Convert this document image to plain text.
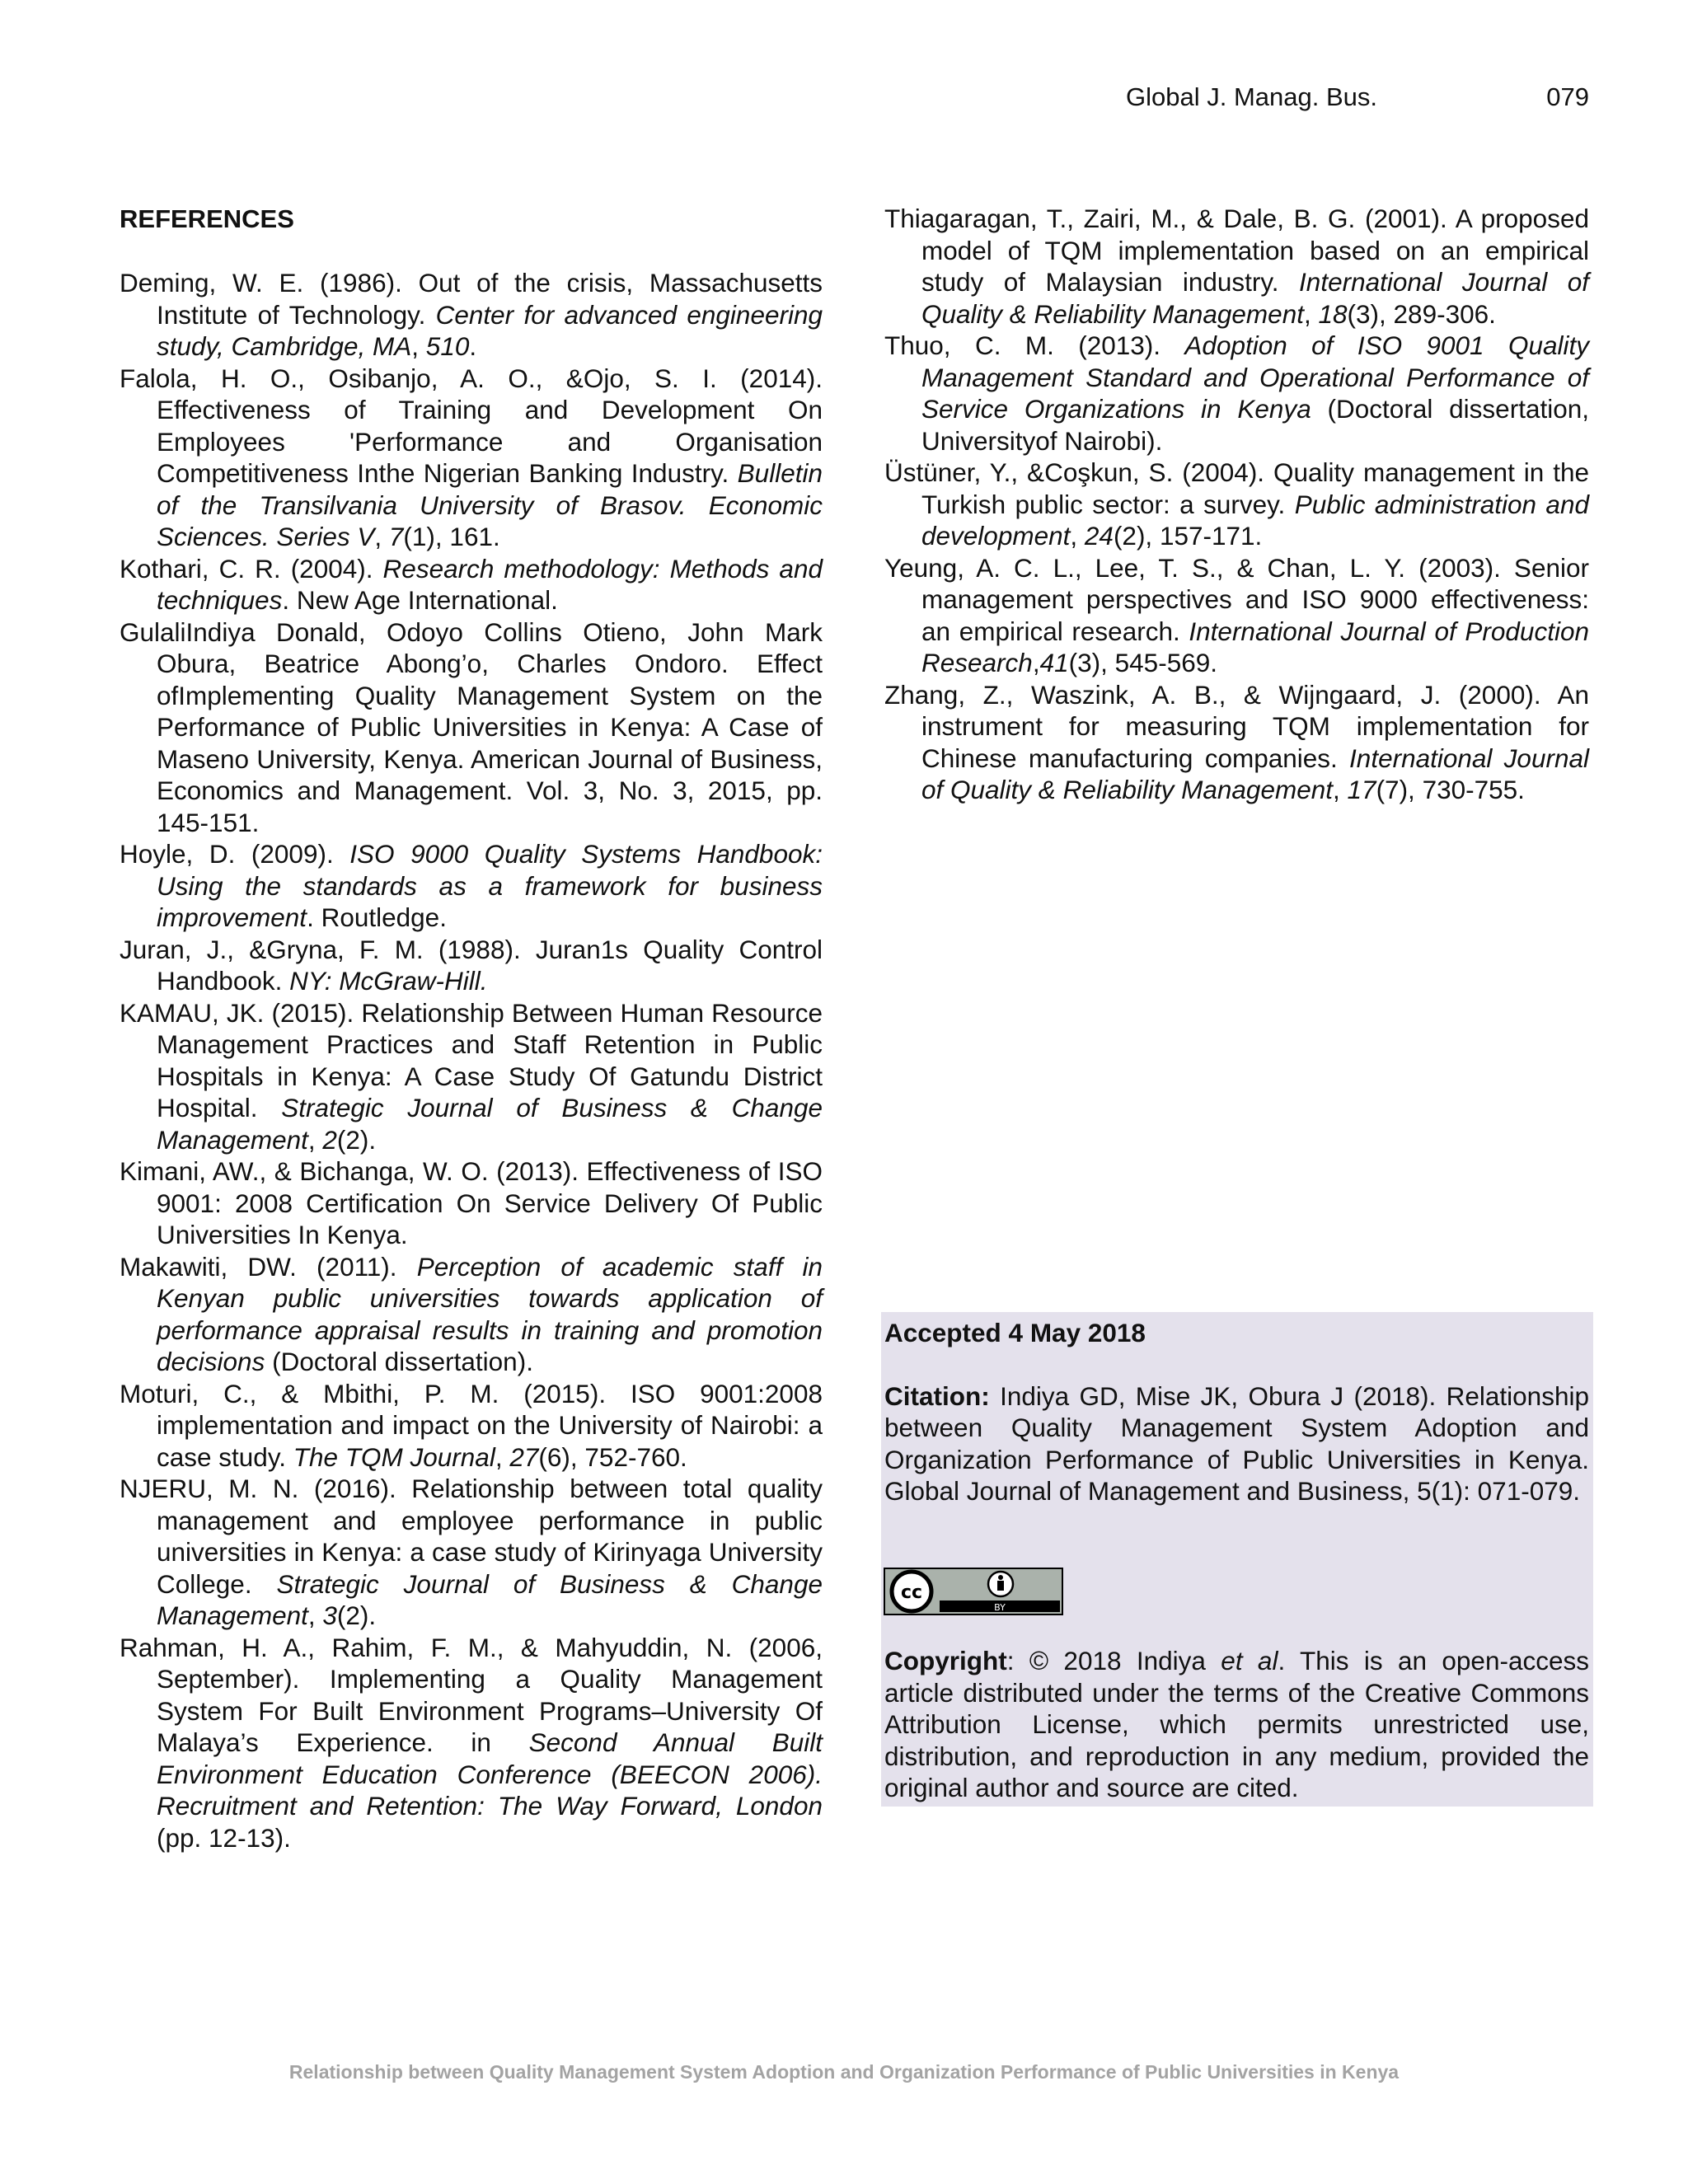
Global J. Manag. Bus.	079
REFERENCES

Deming, W. E. (1986). Out of the crisis, Massachusetts Institute of Technology. Center for advanced engineering study, Cambridge, MA, 510.

Falola, H. O., Osibanjo, A. O., &Ojo, S. I. (2014). Effectiveness of Training and Development On Employees 'Performance and Organisation Competitiveness Inthe Nigerian Banking Industry. Bulletin of the Transilvania University of Brasov. Economic Sciences. Series V, 7(1), 161.

Kothari, C. R. (2004). Research methodology: Methods and techniques. New Age International.

GulaliIndiya Donald, Odoyo Collins Otieno, John Mark Obura, Beatrice Abong’o, Charles Ondoro. Effect ofImplementing Quality Management System on the Performance of Public Universities in Kenya: A Case of Maseno University, Kenya. American Journal of Business, Economics and Management. Vol. 3, No. 3, 2015, pp. 145-151.

Hoyle, D. (2009). ISO 9000 Quality Systems Handbook: Using the standards as a framework for business improvement. Routledge.

Juran, J., &Gryna, F. M. (1988). Juran1s Quality Control Handbook. NY: McGraw-Hill.

KAMAU, JK. (2015). Relationship Between Human Resource Management Practices and Staff Retention in Public Hospitals in Kenya: A Case Study Of Gatundu District Hospital. Strategic Journal of Business & Change Management, 2(2).

Kimani, AW., & Bichanga, W. O. (2013). Effectiveness of ISO 9001: 2008 Certification On Service Delivery Of Public Universities In Kenya.

Makawiti, DW. (2011). Perception of academic staff in Kenyan public universities towards application of performance appraisal results in training and promotion decisions (Doctoral dissertation).

Moturi, C., & Mbithi, P. M. (2015). ISO 9001:2008 implementation and impact on the University of Nairobi: a case study. The TQM Journal, 27(6), 752-760.

NJERU, M. N. (2016). Relationship between total quality management and employee performance in public universities in Kenya: a case study of Kirinyaga University College. Strategic Journal of Business & Change Management, 3(2).

Rahman, H. A., Rahim, F. M., & Mahyuddin, N. (2006, September). Implementing a Quality Management System For Built Environment Programs–University Of Malaya’s Experience. in Second Annual Built Environment Education Conference (BEECON 2006). Recruitment and Retention: The Way Forward, London (pp. 12-13).

Thiagaragan, T., Zairi, M., & Dale, B. G. (2001). A proposed model of TQM implementation based on an empirical study of Malaysian industry. International Journal of Quality & Reliability Management, 18(3), 289-306.

Thuo, C. M. (2013). Adoption of ISO 9001 Quality Management Standard and Operational Performance of Service Organizations in Kenya (Doctoral dissertation, Universityof Nairobi).

Üstüner, Y., &Coşkun, S. (2004). Quality management in the Turkish public sector: a survey. Public administration and development, 24(2), 157-171.

Yeung, A. C. L., Lee, T. S., & Chan, L. Y. (2003). Senior management perspectives and ISO 9000 effectiveness: an empirical research. International Journal of Production Research,41(3), 545-569.

Zhang, Z., Waszink, A. B., & Wijngaard, J. (2000). An instrument for measuring TQM implementation for Chinese manufacturing companies. International Journal of Quality & Reliability Management, 17(7), 730-755.

Accepted 4 May 2018
Citation: Indiya GD, Mise JK, Obura J (2018). Relationship between Quality Management System Adoption and Organization Performance of Public Universities in Kenya. Global Journal of Management and Business, 5(1): 071-079.
cc
BY
Copyright: © 2018 Indiya et al. This is an open-access article distributed under the terms of the Creative Commons Attribution License, which permits unrestricted use, distribution, and reproduction in any medium, provided the original author and source are cited.
Relationship between Quality Management System Adoption and Organization Performance of Public Universities in Kenya
